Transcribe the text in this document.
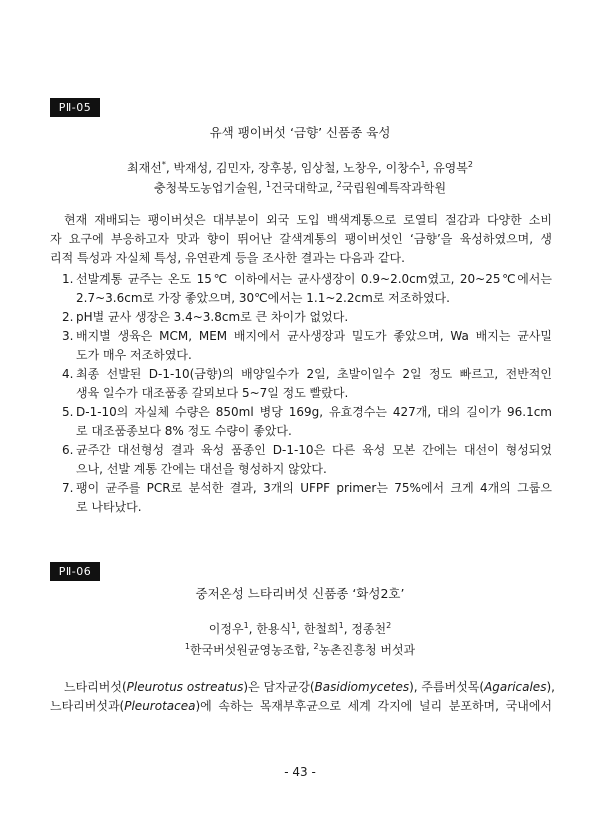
PⅡ-05
유색 팽이버섯 ‘금향’ 신품종 육성
최재선*, 박재성, 김민자, 장후봉, 임상철, 노창우, 이창수$^1$, 유영복$^2$
충청북도농업기술원, $^1$건국대학교, $^2$국립원예특작과학원
현재 재배되는 팽이버섯은 대부분이 외국 도입 백색계통으로 로열티 절감과 다양한 소비
자 요구에 부응하고자 맛과 향이 뛰어난 갈색계통의 팽이버섯인 ‘금향’을 육성하였으며, 생
리적 특성과 자실체 특성, 유연관계 등을 조사한 결과는 다음과 같다.
1. 선발계통 균주는 온도 15℃ 이하에서는 균사생장이 0.9~2.0cm였고, 20~25℃에서는
2.7~3.6cm로 가장 좋았으며, 30℃에서는 1.1~2.2cm로 저조하였다.
2. pH별 균사 생장은 3.4~3.8cm로 큰 차이가 없었다.
3. 배지별 생육은 MCM, MEM 배지에서 균사생장과 밀도가 좋았으며, Wa 배지는 균사밀
도가 매우 저조하였다.
4. 최종 선발된 D-1-10(금향)의 배양일수가 2일, 초발이일수 2일 정도 빠르고, 전반적인
생육 일수가 대조품종 갈뫼보다 5~7일 정도 빨랐다.
5. D-1-10의 자실체 수량은 850ml 병당 169g, 유효경수는 427개, 대의 길이가 96.1cm
로 대조품종보다 8% 정도 수량이 좋았다.
6. 균주간 대선형성 결과 육성 품종인 D-1-10은 다른 육성 모본 간에는 대선이 형성되었
으나, 선발 계통 간에는 대선을 형성하지 않았다.
7. 팽이 균주를 PCR로 분석한 결과, 3개의 UFPF primer는 75%에서 크게 4개의 그룹으
로 나타났다.
PⅡ-06
중저온성 느타리버섯 신품종 ‘화성2호’
이정우$^1$, 한용식$^1$, 한철희$^1$, 정종천$^2$
$^1$한국버섯원균영농조합, $^2$농촌진흥청 버섯과
느타리버섯(Pleurotus ostreatus)은 담자균강(Basidiomycetes), 주름버섯목(Agaricales),
느타리버섯과(Pleurotacea)에 속하는 목재부후균으로 세계 각지에 널리 분포하며, 국내에서
- 43 -
